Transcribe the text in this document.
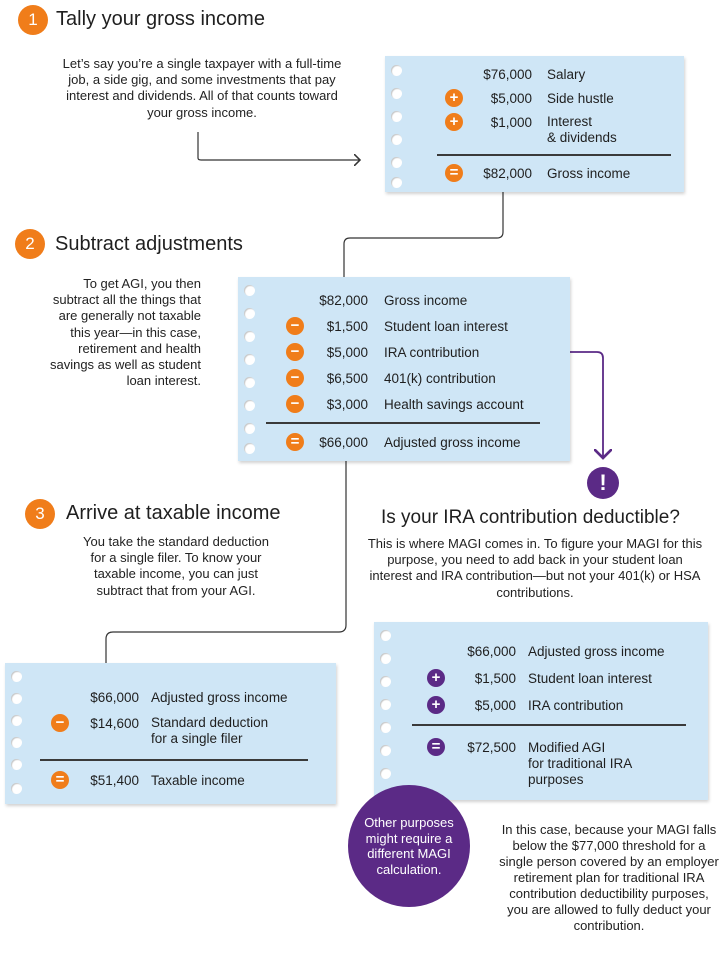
1 Tally your gross income
Let’s say you’re a single taxpayer with a full-time job, a side gig, and some investments that pay interest and dividends. All of that counts toward your gross income.
$76,000 Salary
+	$5,000 Side hustle
+	$1,000 Interest
& dividends
=	$82,000 Gross income
2	Subtract adjustments
To get AGI, you then subtract all the things that are generally not taxable this year—in this case, retirement and health savings as well as student loan interest.
$82,000 Gross income
−	$1,500 Student loan interest
−	$5,000 IRA contribution
−	$6,500 401(k) contribution
−	$3,000 Health savings account
=	$66,000 Adjusted gross income
3	Arrive at taxable income
You take the standard deduction for a single filer. To know your taxable income, you can just subtract that from your AGI.
$66,000 Adjusted gross income
−	$14,600 Standard deduction
for a single filer
=	$51,400 Taxable income
!
Is your IRA contribution deductible?
This is where MAGI comes in. To figure your MAGI for this purpose, you need to add back in your student loan interest and IRA contribution—but not your 401(k) or HSA contributions.
$66,000 Adjusted gross income
+	$1,500 Student loan interest
+	$5,000 IRA contribution
=	$72,500 Modified AGI
for traditional IRA
purposes
Other purposes might require a different MAGI calculation.
In this case, because your MAGI falls below the $77,000 threshold for a single person covered by an employer retirement plan for traditional IRA contribution deductibility purposes, you are allowed to fully deduct your contribution.
